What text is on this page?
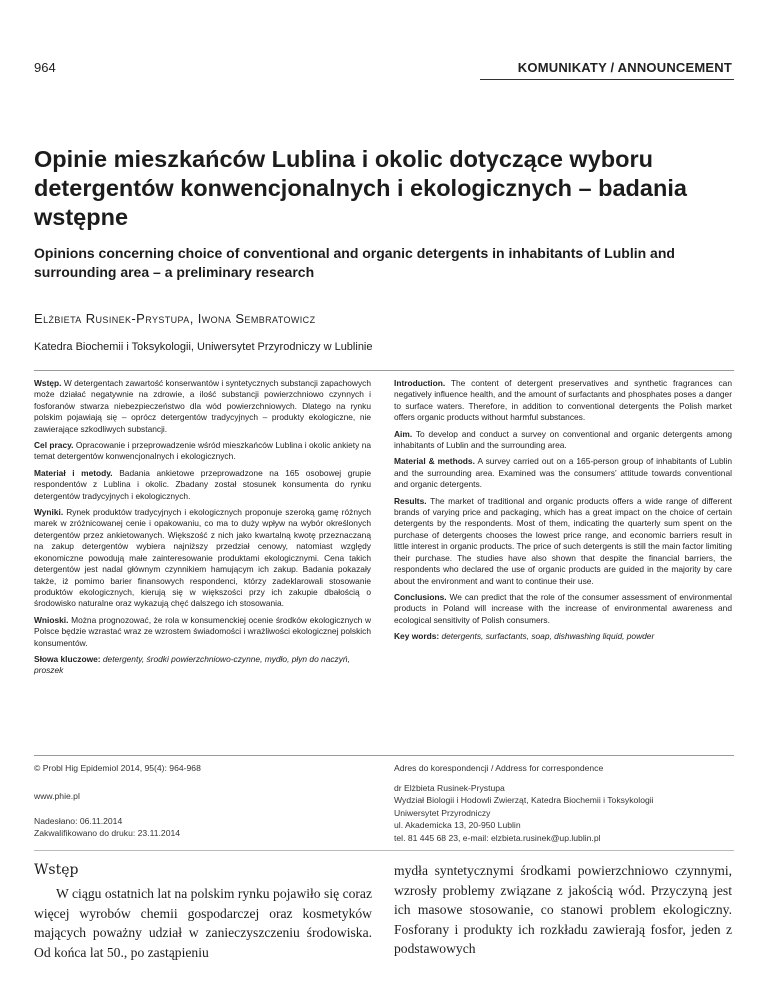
964	KOMUNIKATY / ANNOUNCEMENT
Opinie mieszkańców Lublina i okolic dotyczące wyboru detergentów konwencjonalnych i ekologicznych – badania wstępne
Opinions concerning choice of conventional and organic detergents in inhabitants of Lublin and surrounding area – a preliminary research
Elżbieta Rusinek-Prystupa, Iwona Sembratowicz
Katedra Biochemii i Toksykologii, Uniwersytet Przyrodniczy w Lublinie

Wstęp. W detergentach zawartość konserwantów i syntetycznych substancji zapachowych może działać negatywnie na zdrowie, a ilość substancji powierzchniowo czynnych i fosforanów stwarza niebezpieczeństwo dla wód powierzchniowych. Dlatego na rynku polskim pojawiają się – oprócz detergentów tradycyjnych – produkty ekologiczne, nie zawierające szkodliwych substancji.

Cel pracy. Opracowanie i przeprowadzenie wśród mieszkańców Lublina i okolic ankiety na temat detergentów konwencjonalnych i ekologicznych.

Materiał i metody. Badania ankietowe przeprowadzone na 165 osobowej grupie respondentów z Lublina i okolic. Zbadany został stosunek konsumenta do rynku detergentów tradycyjnych i ekologicznych.

Wyniki. Rynek produktów tradycyjnych i ekologicznych proponuje szeroką gamę różnych marek w zróżnicowanej cenie i opakowaniu, co ma to duży wpływ na wybór określonych detergentów przez ankietowanych. Większość z nich jako kwartalną kwotę przeznaczaną na zakup detergentów wybiera najniższy przedział cenowy, natomiast względy ekonomiczne powodują małe zainteresowanie produktami ekologicznymi. Cena takich detergentów jest nadal głównym czynnikiem hamującym ich zakup. Badania pokazały także, iż pomimo barier finansowych respondenci, którzy zadeklarowali stosowanie produktów ekologicznych, kierują się w większości przy ich zakupie dbałością o środowisko naturalne oraz wykazują chęć dalszego ich stosowania.

Wnioski. Można prognozować, że rola w konsumenckiej ocenie środków ekologicznych w Polsce będzie wzrastać wraz ze wzrostem świadomości i wrażliwości ekologicznej polskich konsumentów.

Słowa kluczowe: detergenty, środki powierzchniowo-czynne, mydło, płyn do naczyń, proszek

Introduction. The content of detergent preservatives and synthetic fragrances can negatively influence health, and the amount of surfactants and phosphates poses a danger to surface waters. Therefore, in addition to conventional detergents the Polish market offers organic products without harmful substances.

Aim. To develop and conduct a survey on conventional and organic detergents among inhabitants of Lublin and the surrounding area.

Material & methods. A survey carried out on a 165-person group of inhabitants of Lublin and the surrounding area. Examined was the consumers’ attitude towards conventional and organic detergents.

Results. The market of traditional and organic products offers a wide range of different brands of varying price and packaging, which has a great impact on the choice of certain detergents by the respondents. Most of them, indicating the quarterly sum spent on the purchase of detergents chooses the lowest price range, and economic barriers result in little interest in organic products. The price of such detergents is still the main factor limiting their purchase. The studies have also shown that despite the financial barriers, the respondents who declared the use of organic products are guided in the majority by care about the environment and want to continue their use.

Conclusions. We can predict that the role of the consumer assessment of environmental products in Poland will increase with the increase of environmental awareness and ecological sensitivity of Polish consumers.

Key words: detergents, surfactants, soap, dishwashing liquid, powder

© Probl Hig Epidemiol 2014, 95(4): 964-968
www.phie.pl
Nadesłano: 06.11.2014
Zakwalifikowano do druku: 23.11.2014
Adres do korespondencji / Address for correspondence
dr Elżbieta Rusinek-Prystupa
Wydział Biologii i Hodowli Zwierząt, Katedra Biochemii i Toksykologii
Uniwersytet Przyrodniczy
ul. Akademicka 13, 20-950 Lublin
tel. 81 445 68 23, e-mail: elzbieta.rusinek@up.lublin.pl
Wstęp
W ciągu ostatnich lat na polskim rynku pojawiło się coraz więcej wyrobów chemii gospodarczej oraz kosmetyków mających poważny udział w zanieczyszczeniu środowiska. Od końca lat 50., po zastąpieniu
mydła syntetycznymi środkami powierzchniowo czynnymi, wzrosły problemy związane z jakością wód. Przyczyną jest ich masowe stosowanie, co stanowi problem ekologiczny. Fosforany i produkty ich rozkładu zawierają fosfor, jeden z podstawowych
